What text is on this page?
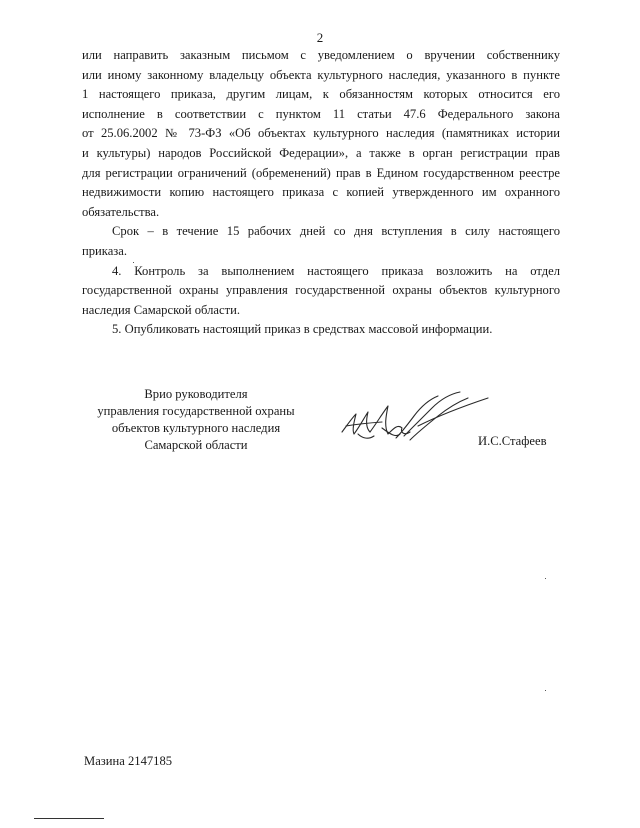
2

или направить заказным письмом с уведомлением о вручении собственнику
или иному законному владельцу объекта культурного наследия, указанного в пункте
1 настоящего приказа, другим лицам, к обязанностям которых относится его
исполнение в соответствии с пунктом 11 статьи 47.6 Федерального закона
от 25.06.2002 № 73-ФЗ «Об объектах культурного наследия (памятниках истории
и культуры) народов Российской Федерации», а также в орган регистрации прав
для регистрации ограничений (обременений) прав в Едином государственном реестре
недвижимости копию настоящего приказа с копией утвержденного им охранного
обязательства.

Срок – в течение 15 рабочих дней со дня вступления в силу настоящего
приказа.

4. Контроль за выполнением настоящего приказа возложить на отдел
государственной охраны управления государственной охраны объектов культурного
наследия Самарской области.

5. Опубликовать настоящий приказ в средствах массовой информации.

Врио руководителя
управления государственной охраны
объектов культурного наследия
Самарской области	И.С.Стафеев
Мазина 2147185
